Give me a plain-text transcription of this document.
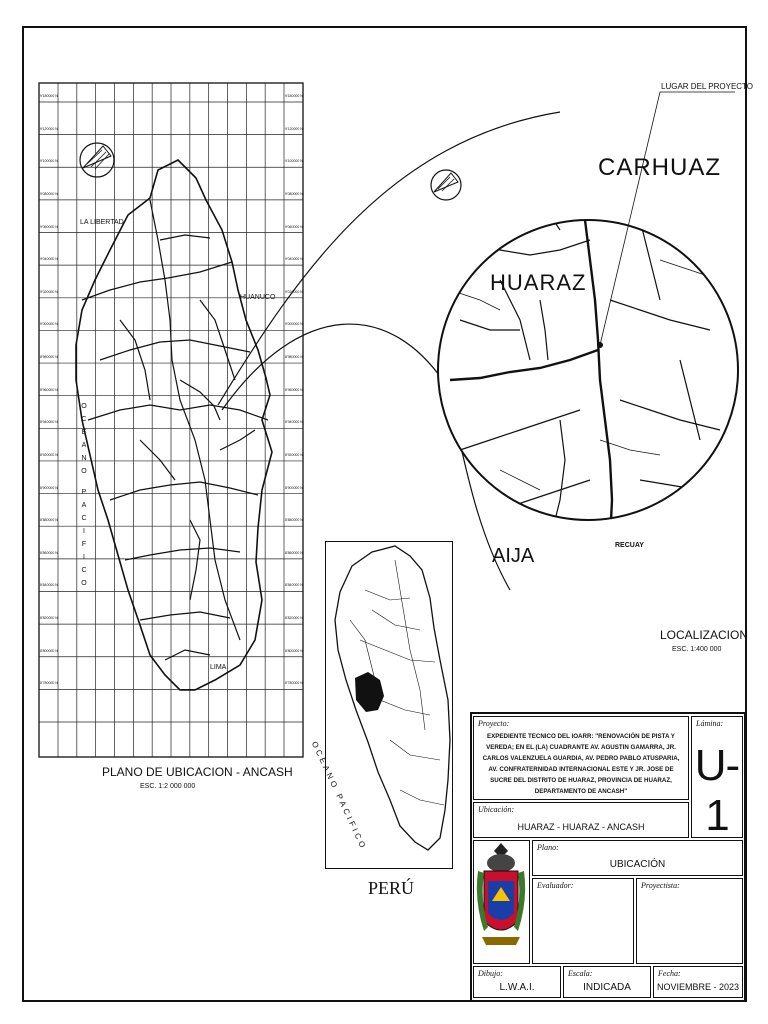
9'180000 N	9'180000 N
9'120000 N	9'120000 N
9'100000 N	9'100000 N
9'080000 N	9'080000 N
9'060000 N	9'060000 N
9'040000 N	9'040000 N
9'020000 N	9'020000 N
9'000000 N	9'000000 N
8'980000 N	8'980000 N
8'960000 N	8'960000 N
8'940000 N	8'940000 N
8'920000 N	8'920000 N
8'900000 N	8'900000 N
8'880000 N	8'880000 N
8'860000 N	8'860000 N
8'840000 N	8'840000 N
8'820000 N	8'820000 N
8'800000 N	8'800000 N
8'780000 N	8'780000 N
LA LIBERTAD
HUANUCO
LIMA
O
C
E
A
N
O
P
A
C
I
F
I
C
O
PLANO DE UBICACION - ANCASH
ESC. 1:2 000 000
LUGAR DEL PROYECTO
CARHUAZ
HUARAZ
RECUAY
AIJA
LOCALIZACION
ESC. 1:400 000
OCEANO PACIFICO
PERÚ
Proyecto:
EXPEDIENTE TECNICO DEL IOARR: "RENOVACIÓN DE PISTA Y VEREDA; EN EL (LA) CUADRANTE AV. AGUSTIN GAMARRA, JR. CARLOS VALENZUELA GUARDIA, AV. PEDRO PABLO ATUSPARIA, AV. CONFRATERNIDAD INTERNACIONAL ESTE Y JR. JOSE DE SUCRE DEL DISTRITO DE HUARAZ, PROVINCIA DE HUARAZ, DEPARTAMENTO DE ANCASH"
Lámina:
U-1
Ubicación:
HUARAZ - HUARAZ - ANCASH
Plano:
UBICACIÓN
Evaluador:	Proyectista:
Dibujo:
L.W.A.I.
Escala:
INDICADA
Fecha:
NOVIEMBRE - 2023
